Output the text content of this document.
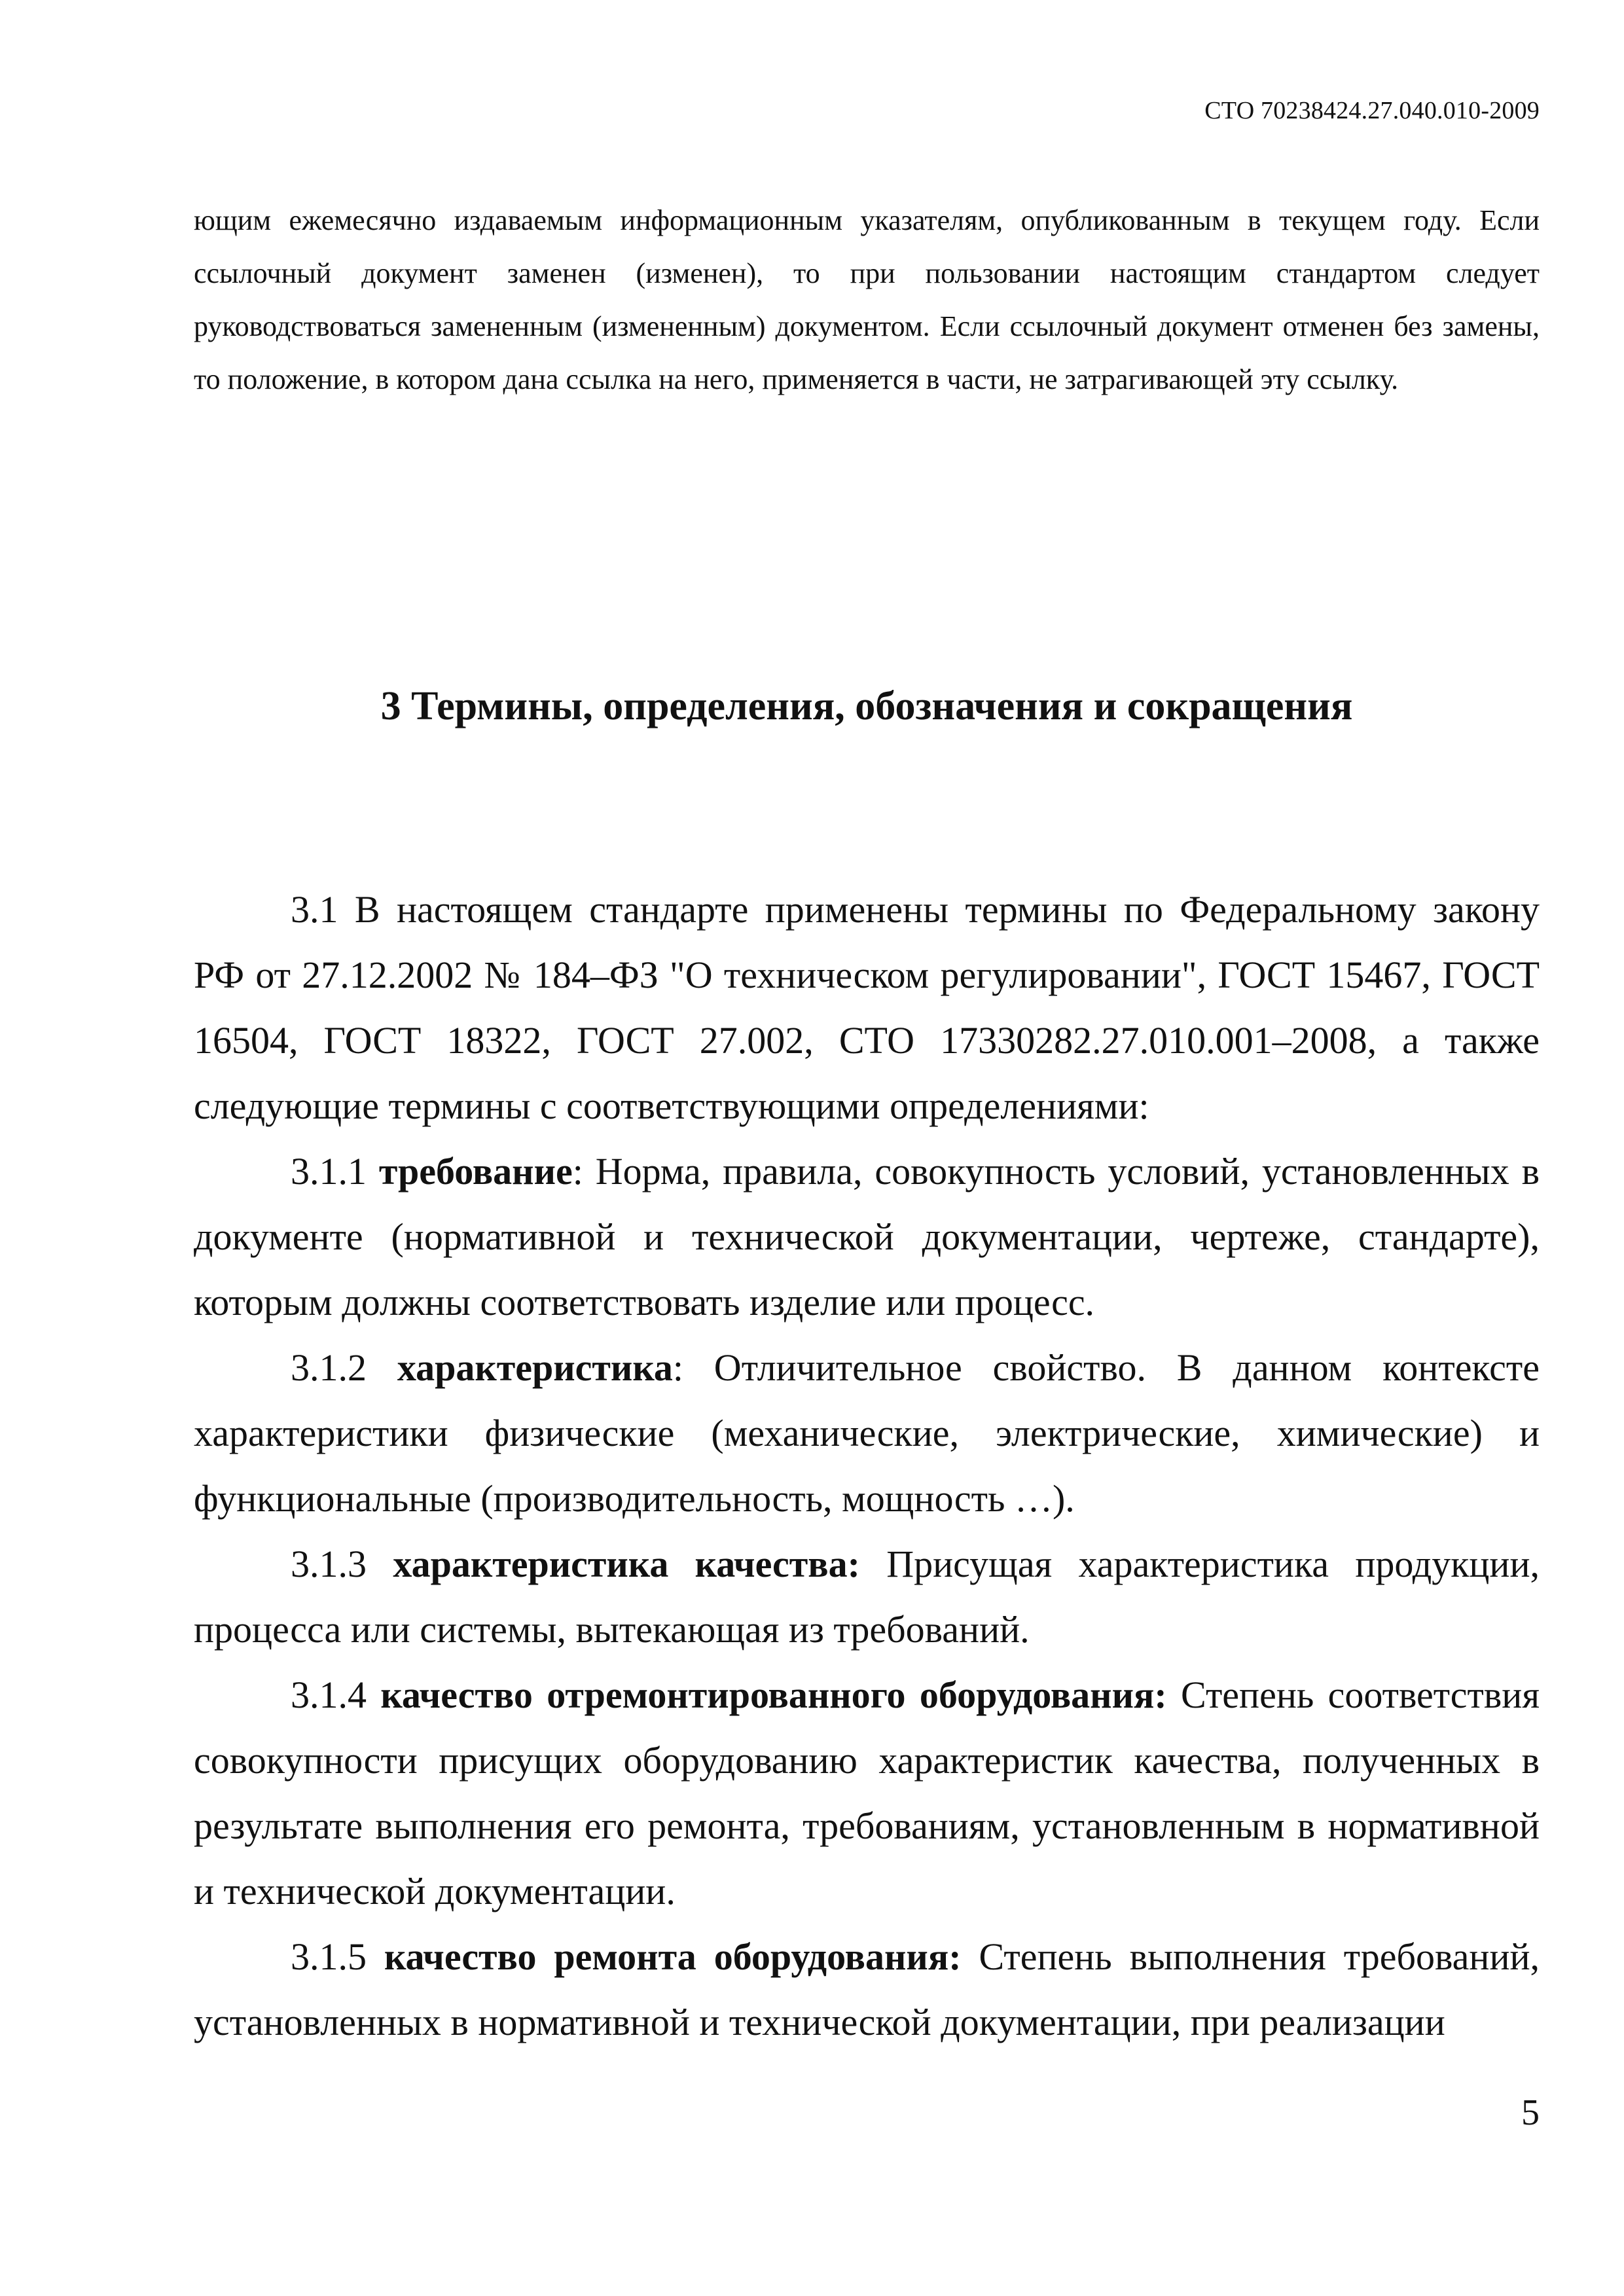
СТО 70238424.27.040.010-2009

ющим ежемесячно издаваемым информационным указателям, опубликованным в текущем году. Если ссылочный документ заменен (изменен), то при пользовании настоящим стандартом следует руководствоваться замененным (измененным) документом. Если ссылочный документ отменен без замены, то положение, в котором дана ссылка на него, применяется в части, не затрагивающей эту ссылку.

3 Термины, определения, обозначения и сокращения

3.1 В настоящем стандарте применены термины по Федеральному закону РФ от 27.12.2002 № 184–ФЗ "О техническом регулировании", ГОСТ 15467, ГОСТ 16504, ГОСТ 18322, ГОСТ 27.002, СТО 17330282.27.010.001–2008, а также следующие термины с соответствующими определениями:

3.1.1 требование: Норма, правила, совокупность условий, установленных в документе (нормативной и технической документации, чертеже, стандарте), которым должны соответствовать изделие или процесс.

3.1.2 характеристика: Отличительное свойство. В данном контексте характеристики физические (механические, электрические, химические) и функциональные (производительность, мощность …).

3.1.3 характеристика качества: Присущая характеристика продукции, процесса или системы, вытекающая из требований.

3.1.4 качество отремонтированного оборудования: Степень соответствия совокупности присущих оборудованию характеристик качества, полученных в результате выполнения его ремонта, требованиям, установленным в нормативной и технической документации.

3.1.5 качество ремонта оборудования: Степень выполнения требований, установленных в нормативной и технической документации, при реализации

5
